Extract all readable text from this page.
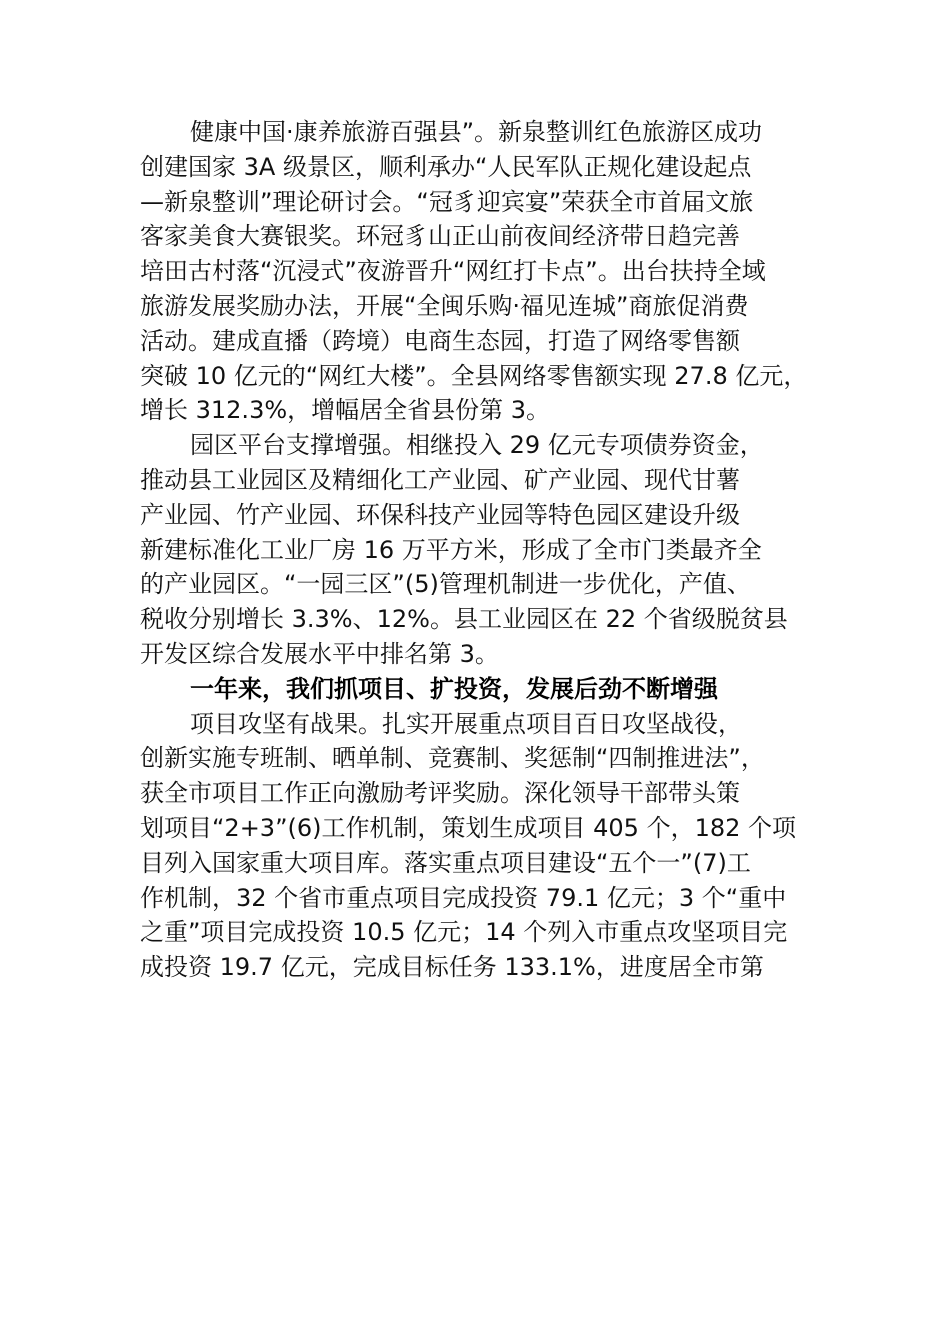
健康中国·康养旅游百强县”。新泉整训红色旅游区成功
创建国家 3A 级景区，顺利承办“人民军队正规化建设起点
—新泉整训”理论研讨会。“冠豸迎宾宴”荣获全市首届文旅
客家美食大赛银奖。环冠豸山正山前夜间经济带日趋完善
培田古村落“沉浸式”夜游晋升“网红打卡点”。出台扶持全域
旅游发展奖励办法，开展“全闽乐购·福见连城”商旅促消费
活动。建成直播（跨境）电商生态园，打造了网络零售额
突破 10 亿元的“网红大楼”。全县网络零售额实现 27.8 亿元，
增长 312.3%，增幅居全省县份第 3。
园区平台支撑增强。相继投入 29 亿元专项债券资金，
推动县工业园区及精细化工产业园、矿产业园、现代甘薯
产业园、竹产业园、环保科技产业园等特色园区建设升级
新建标准化工业厂房 16 万平方米，形成了全市门类最齐全
的产业园区。“一园三区”(5)管理机制进一步优化，产值、
税收分别增长 3.3%、12%。县工业园区在 22 个省级脱贫县
开发区综合发展水平中排名第 3。
一年来，我们抓项目、扩投资，发展后劲不断增强
项目攻坚有战果。扎实开展重点项目百日攻坚战役，
创新实施专班制、晒单制、竞赛制、奖惩制“四制推进法”，
获全市项目工作正向激励考评奖励。深化领导干部带头策
划项目“2+3”(6)工作机制，策划生成项目 405 个，182 个项
目列入国家重大项目库。落实重点项目建设“五个一”(7)工
作机制，32 个省市重点项目完成投资 79.1 亿元；3 个“重中
之重”项目完成投资 10.5 亿元；14 个列入市重点攻坚项目完
成投资 19.7 亿元，完成目标任务 133.1%，进度居全市第
